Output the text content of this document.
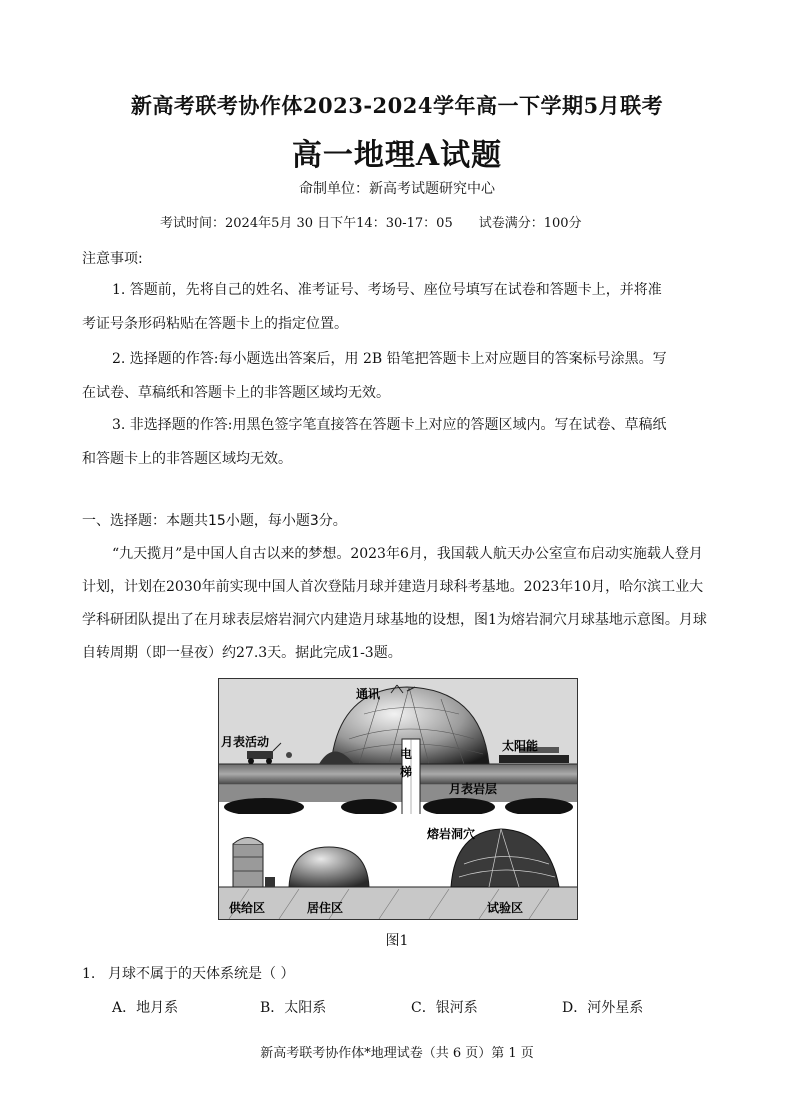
新高考联考协作体2023-2024学年高一下学期5月联考
高一地理A试题
命制单位：新高考试题研究中心
考试时间：2024年5月 30 日下午14：30-17：05 试卷满分：100分
注意事项:
1. 答题前，先将自己的姓名、准考证号、考场号、座位号填写在试卷和答题卡上，并将准
考证号条形码粘贴在答题卡上的指定位置。
2. 选择题的作答:每小题选出答案后，用 2B 铅笔把答题卡上对应题目的答案标号涂黑。写
在试卷、草稿纸和答题卡上的非答题区域均无效。
3. 非选择题的作答:用黑色签字笔直接答在答题卡上对应的答题区域内。写在试卷、草稿纸
和答题卡上的非答题区域均无效。
一、选择题：本题共15小题，每小题3分。
“九天揽月”是中国人自古以来的梦想。2023年6月，我国载人航天办公室宣布启动实施载人登月计划，计划在2030年前实现中国人首次登陆月球并建造月球科考基地。2023年10月，哈尔滨工业大学科研团队提出了在月球表层熔岩洞穴内建造月球基地的设想，图1为熔岩洞穴月球基地示意图。月球自转周期（即一昼夜）约27.3天。据此完成1-3题。
通讯
月表活动
电
梯
太阳能
月表岩层
熔岩洞穴
供给区	居住区	试验区
图1
1. 月球不属于的天体系统是（ ）
A．地月系	B．太阳系	C．银河系	D．河外星系
新高考联考协作体*地理试卷（共 6 页）第 1 页
